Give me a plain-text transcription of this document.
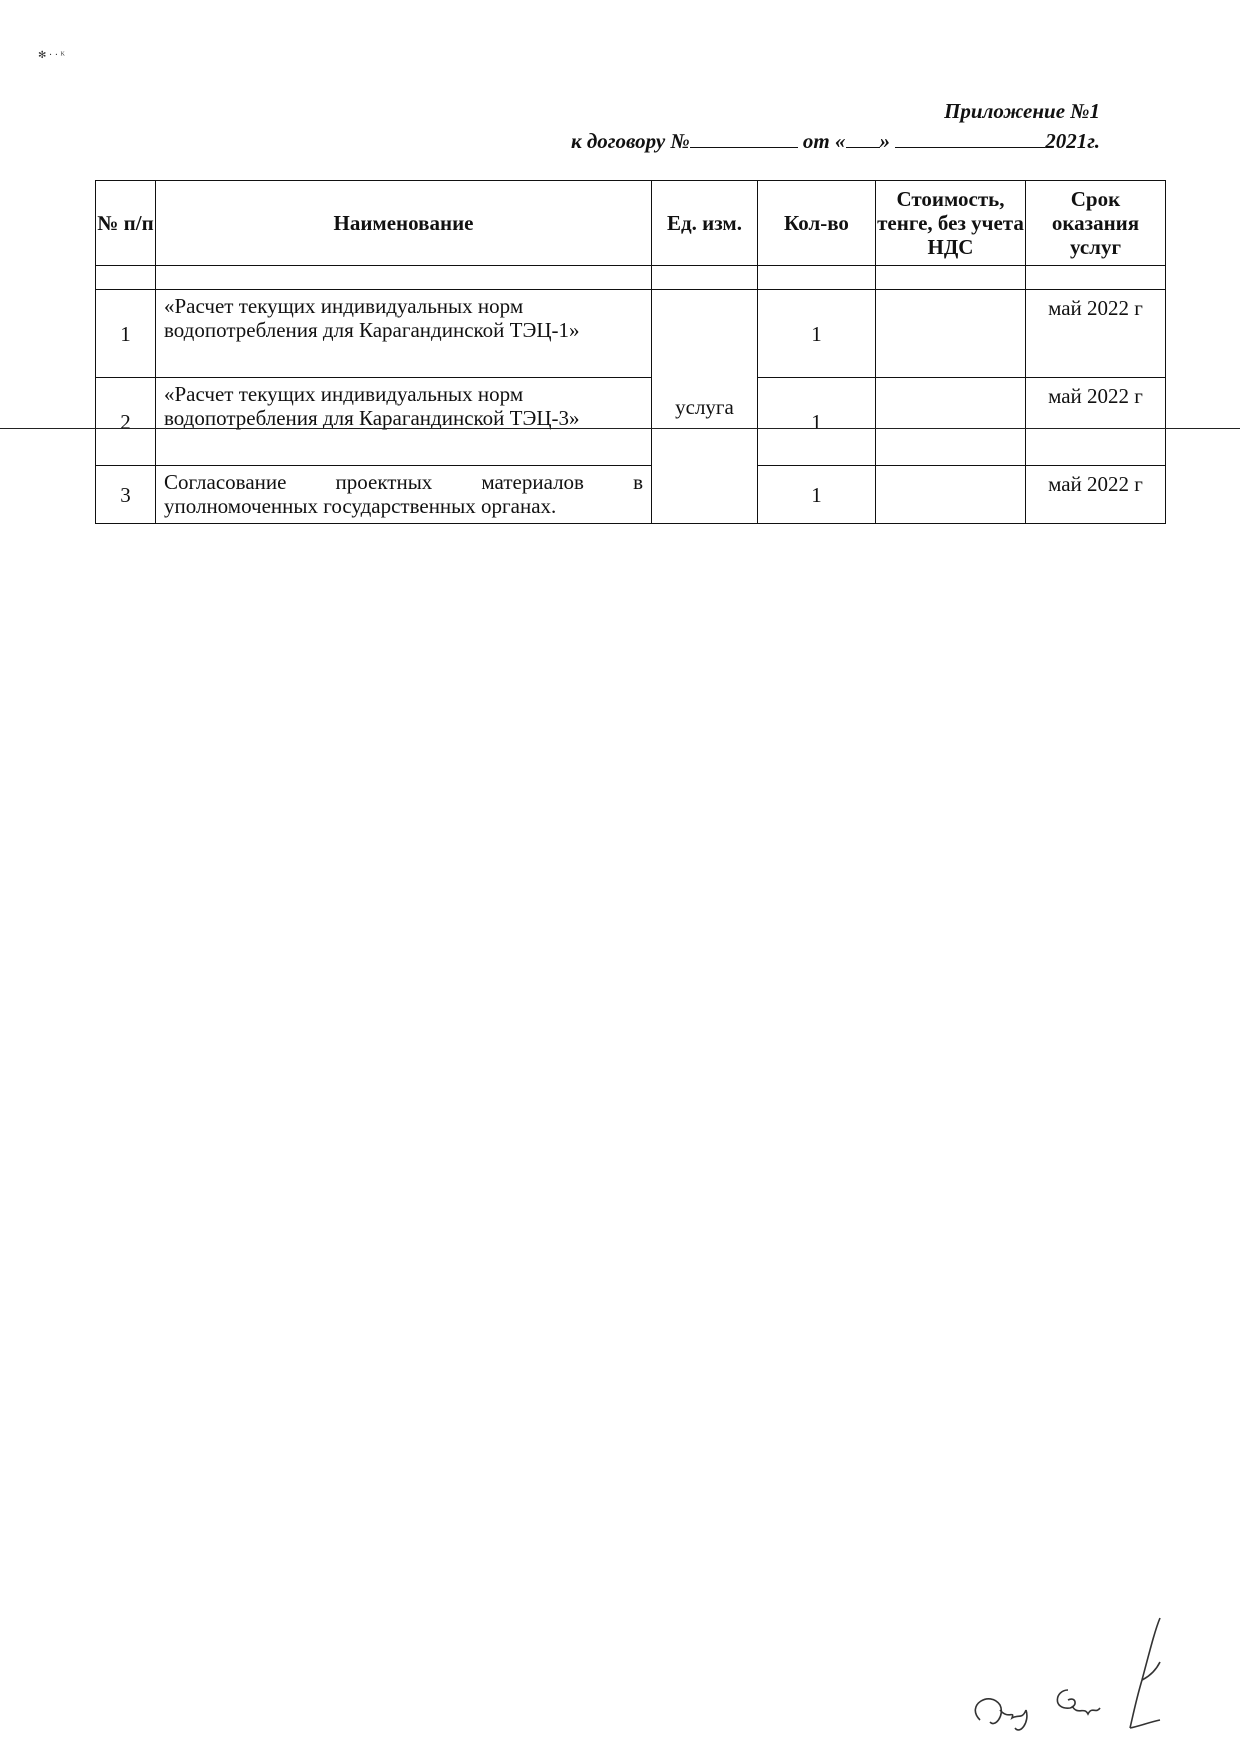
✻ · · ᴷ
Приложение №1
к договору №	от « »	2021г.
№ п/п	Наименование	Ед. изм.	Кол-во	Стоимость, тенге, без учета НДС	Срок оказания услуг

1	«Расчет текущих индивидуальных норм водопотребления для Карагандинской ТЭЦ-1»	услуга	1		май 2022 г
2	«Расчет текущих индивидуальных норм водопотребления для Карагандинской ТЭЦ-3»		1		май 2022 г
3	Согласование проектных материалов в уполномоченных государственных органах.		1		май 2022 г
